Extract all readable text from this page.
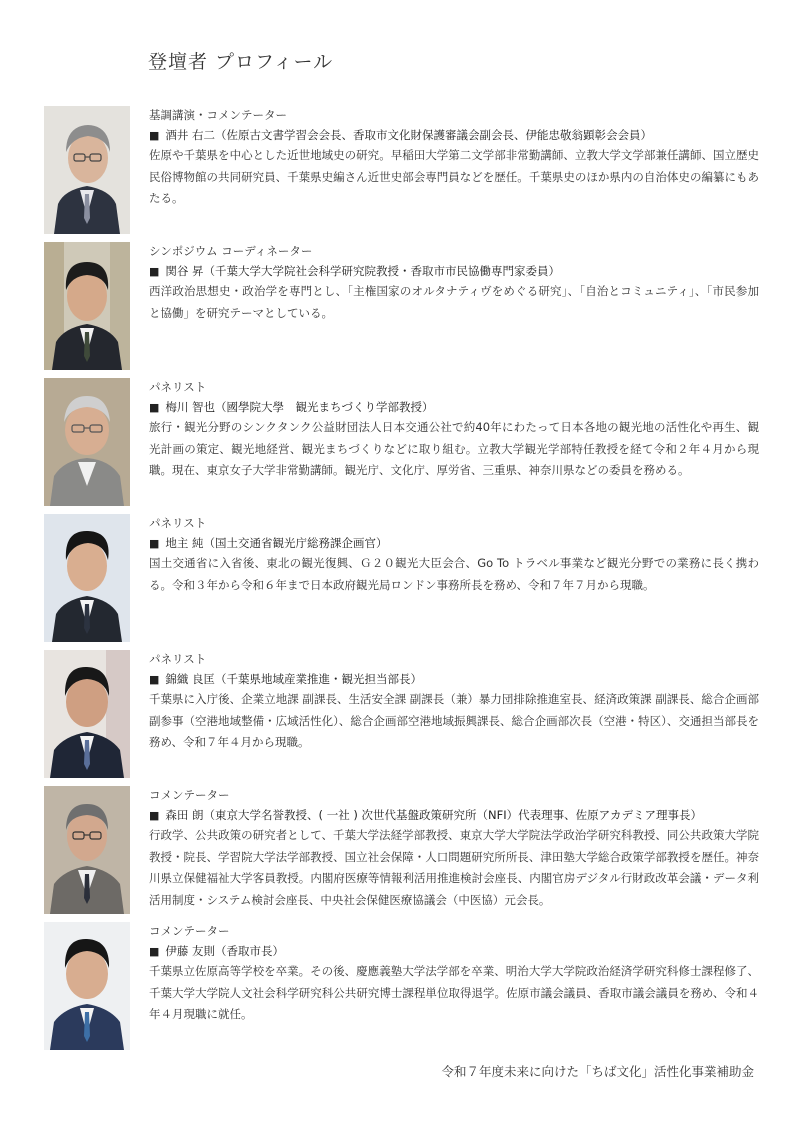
登壇者 プロフィール
基調講演・コメンテーター
■ 酒井 右二（佐原古文書学習会会長、香取市文化財保護審議会副会長、伊能忠敬翁顕彰会会員）

佐原や千葉県を中心とした近世地域史の研究。早稲田大学第二文学部非常勤講師、立教大学文学部兼任講師、国立歴史民俗博物館の共同研究員、千葉県史編さん近世史部会専門員などを歴任。千葉県史のほか県内の自治体史の編纂にもあたる。

シンポジウム コーディネーター
■ 関谷 昇（千葉大学大学院社会科学研究院教授・香取市市民協働専門家委員）

西洋政治思想史・政治学を専門とし、「主権国家のオルタナティヴをめぐる研究」、「自治とコミュニティ」、「市民参加と協働」を研究テーマとしている。

パネリスト
■ 梅川 智也（國學院大學　観光まちづくり学部教授）

旅行・観光分野のシンクタンク公益財団法人日本交通公社で約40年にわたって日本各地の観光地の活性化や再生、観光計画の策定、観光地経営、観光まちづくりなどに取り組む。立教大学観光学部特任教授を経て令和２年４月から現職。現在、東京女子大学非常勤講師。観光庁、文化庁、厚労省、三重県、神奈川県などの委員を務める。

パネリスト
■ 地主 純（国土交通省観光庁総務課企画官）

国土交通省に入省後、東北の観光復興、Ｇ２０観光大臣会合、Go To トラベル事業など観光分野での業務に長く携わる。令和３年から令和６年まで日本政府観光局ロンドン事務所長を務め、令和７年７月から現職。

パネリスト
■ 錦織 良匡（千葉県地域産業推進・観光担当部長）

千葉県に入庁後、企業立地課 副課長、生活安全課 副課長（兼）暴力団排除推進室長、経済政策課 副課長、総合企画部副参事（空港地域整備・広域活性化）、総合企画部空港地域振興課長、総合企画部次長（空港・特区）、交通担当部長を務め、令和７年４月から現職。

コメンテーター
■ 森田 朗（東京大学名誉教授、( 一社 ) 次世代基盤政策研究所（NFI）代表理事、佐原アカデミア理事長）

行政学、公共政策の研究者として、千葉大学法経学部教授、東京大学大学院法学政治学研究科教授、同公共政策大学院教授・院長、学習院大学法学部教授、国立社会保障・人口問題研究所所長、津田塾大学総合政策学部教授を歴任。神奈川県立保健福祉大学客員教授。内閣府医療等情報利活用推進検討会座長、内閣官房デジタル行財政改革会議・データ利活用制度・システム検討会座長、中央社会保健医療協議会（中医協）元会長。

コメンテーター
■ 伊藤 友則（香取市長）

千葉県立佐原高等学校を卒業。その後、慶應義塾大学法学部を卒業、明治大学大学院政治経済学研究科修士課程修了、千葉大学大学院人文社会科学研究科公共研究博士課程単位取得退学。佐原市議会議員、香取市議会議員を務め、令和４年４月現職に就任。

令和７年度未来に向けた「ちば文化」活性化事業補助金
